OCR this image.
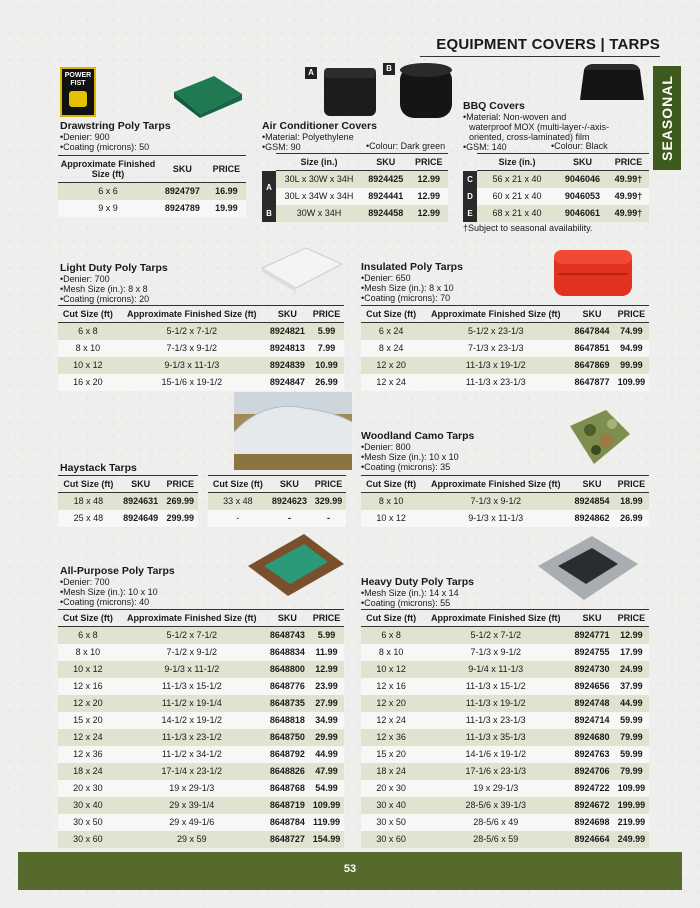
EQUIPMENT COVERS | TARPS
SEASONAL
POWER
FIST
Drawstring Poly Tarps
•Denier: 900
•Coating (microns): 50
Approximate Finished Size (ft)	SKU	PRICE
6 x 6	8924797	16.99
9 x 9	8924789	19.99
A	B
Air Conditioner Covers
•Material: Polyethylene
•GSM: 90	•Colour: Dark green
	Size (in.)	SKU	PRICE
A	30L x 30W x 34H	8924425	12.99
	30L x 34W x 34H	8924441	12.99
B	30W x 34H	8924458	12.99
BBQ Covers
•Material: Non-woven and
waterproof MOX (multi-layer-/-axis-
oriented, cross-laminated) film
•GSM: 140	•Colour: Black
	Size (in.)	SKU	PRICE
C	56 x 21 x 40	9046046	49.99†
D	60 x 21 x 40	9046053	49.99†
E	68 x 21 x 40	9046061	49.99†
†Subject to seasonal availability.
Light Duty Poly Tarps
•Denier: 700
•Mesh Size (in.): 8 x 8
•Coating (microns): 20
Cut Size (ft)	Approximate Finished Size (ft)	SKU	PRICE
6 x 8	5-1/2 x 7-1/2	8924821	5.99
8 x 10	7-1/3 x 9-1/2	8924813	7.99
10 x 12	9-1/3 x 11-1/3	8924839	10.99
16 x 20	15-1/6 x 19-1/2	8924847	26.99
Insulated Poly Tarps
•Denier: 650
•Mesh Size (in.): 8 x 10
•Coating (microns): 70
Cut Size (ft)	Approximate Finished Size (ft)	SKU	PRICE
6 x 24	5-1/2 x 23-1/3	8647844	74.99
8 x 24	7-1/3 x 23-1/3	8647851	94.99
12 x 20	11-1/3 x 19-1/2	8647869	99.99
12 x 24	11-1/3 x 23-1/3	8647877	109.99
Haystack Tarps
Cut Size (ft)	SKU	PRICE
18 x 48	8924631	269.99
25 x 48	8924649	299.99
Cut Size (ft)	SKU	PRICE
33 x 48	8924623	329.99
-	-	-
Woodland Camo Tarps
•Denier: 800
•Mesh Size (in.): 10 x 10
•Coating (microns): 35
Cut Size (ft)	Approximate Finished Size (ft)	SKU	PRICE
8 x 10	7-1/3 x 9-1/2	8924854	18.99
10 x 12	9-1/3 x 11-1/3	8924862	26.99
All-Purpose Poly Tarps
•Denier: 700
•Mesh Size (in.): 10 x 10
•Coating (microns): 40
Cut Size (ft)	Approximate Finished Size (ft)	SKU	PRICE
6 x 8	5-1/2 x 7-1/2	8648743	5.99
8 x 10	7-1/2 x 9-1/2	8648834	11.99
10 x 12	9-1/3 x 11-1/2	8648800	12.99
12 x 16	11-1/3 x 15-1/2	8648776	23.99
12 x 20	11-1/2 x 19-1/4	8648735	27.99
15 x 20	14-1/2 x 19-1/2	8648818	34.99
12 x 24	11-1/3 x 23-1/2	8648750	29.99
12 x 36	11-1/2 x 34-1/2	8648792	44.99
18 x 24	17-1/4 x 23-1/2	8648826	47.99
20 x 30	19 x 29-1/3	8648768	54.99
30 x 40	29 x 39-1/4	8648719	109.99
30 x 50	29 x 49-1/6	8648784	119.99
30 x 60	29 x 59	8648727	154.99
Heavy Duty Poly Tarps
•Mesh Size (in.): 14 x 14
•Coating (microns): 55
Cut Size (ft)	Approximate Finished Size (ft)	SKU	PRICE
6 x 8	5-1/2 x 7-1/2	8924771	12.99
8 x 10	7-1/3 x 9-1/2	8924755	17.99
10 x 12	9-1/4 x 11-1/3	8924730	24.99
12 x 16	11-1/3 x 15-1/2	8924656	37.99
12 x 20	11-1/3 x 19-1/2	8924748	44.99
12 x 24	11-1/3 x 23-1/3	8924714	59.99
12 x 36	11-1/3 x 35-1/3	8924680	79.99
15 x 20	14-1/6 x 19-1/2	8924763	59.99
18 x 24	17-1/6 x 23-1/3	8924706	79.99
20 x 30	19 x 29-1/3	8924722	109.99
30 x 40	28-5/6 x 39-1/3	8924672	199.99
30 x 50	28-5/6 x 49	8924698	219.99
30 x 60	28-5/6 x 59	8924664	249.99
53
